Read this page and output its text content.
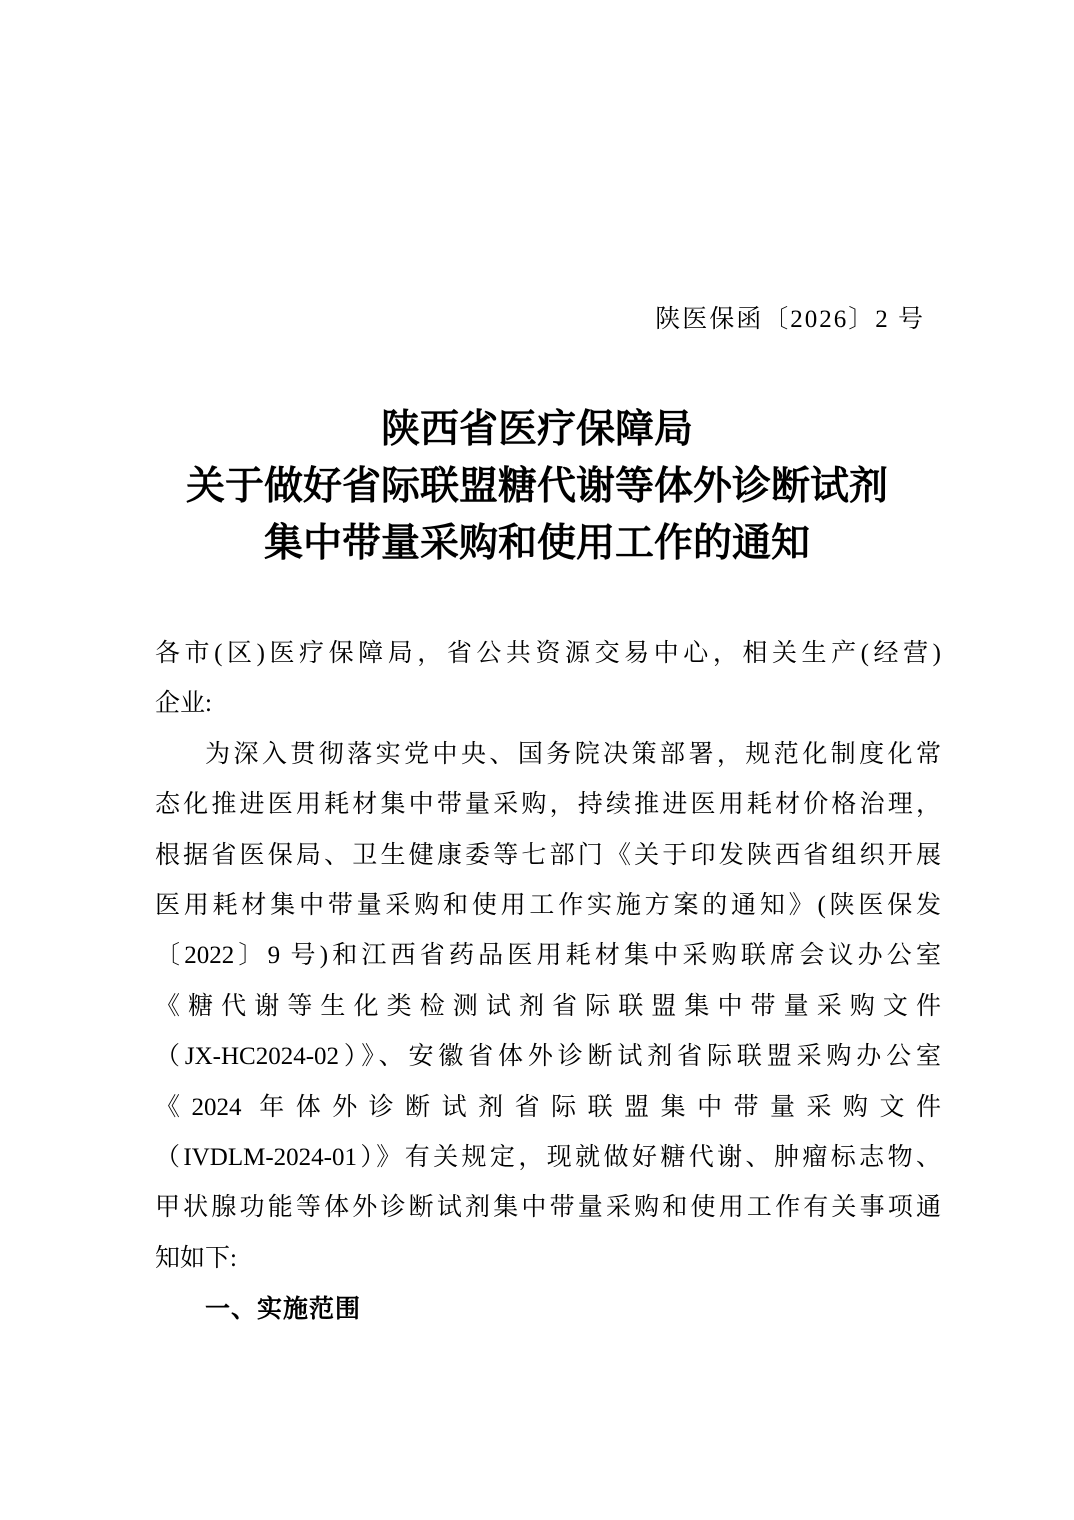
陕医保函〔2026〕2 号
陕西省医疗保障局
关于做好省际联盟糖代谢等体外诊断试剂
集中带量采购和使用工作的通知
各市(区)医疗保障局，省公共资源交易中心，相关生产(经营)
企业:
为深入贯彻落实党中央、国务院决策部署，规范化制度化常
态化推进医用耗材集中带量采购，持续推进医用耗材价格治理，
根据省医保局、卫生健康委等七部门《关于印发陕西省组织开展
医用耗材集中带量采购和使用工作实施方案的通知》(陕医保发
〔2022〕9 号)和江西省药品医用耗材集中采购联席会议办公室
《糖代谢等生化类检测试剂省际联盟集中带量采购文件
（JX-HC2024-02）》、安徽省体外诊断试剂省际联盟采购办公室
《2024 年体外诊断试剂省际联盟集中带量采购文件
（IVDLM-2024-01）》有关规定，现就做好糖代谢、肿瘤标志物、
甲状腺功能等体外诊断试剂集中带量采购和使用工作有关事项通
知如下:
一、实施范围
